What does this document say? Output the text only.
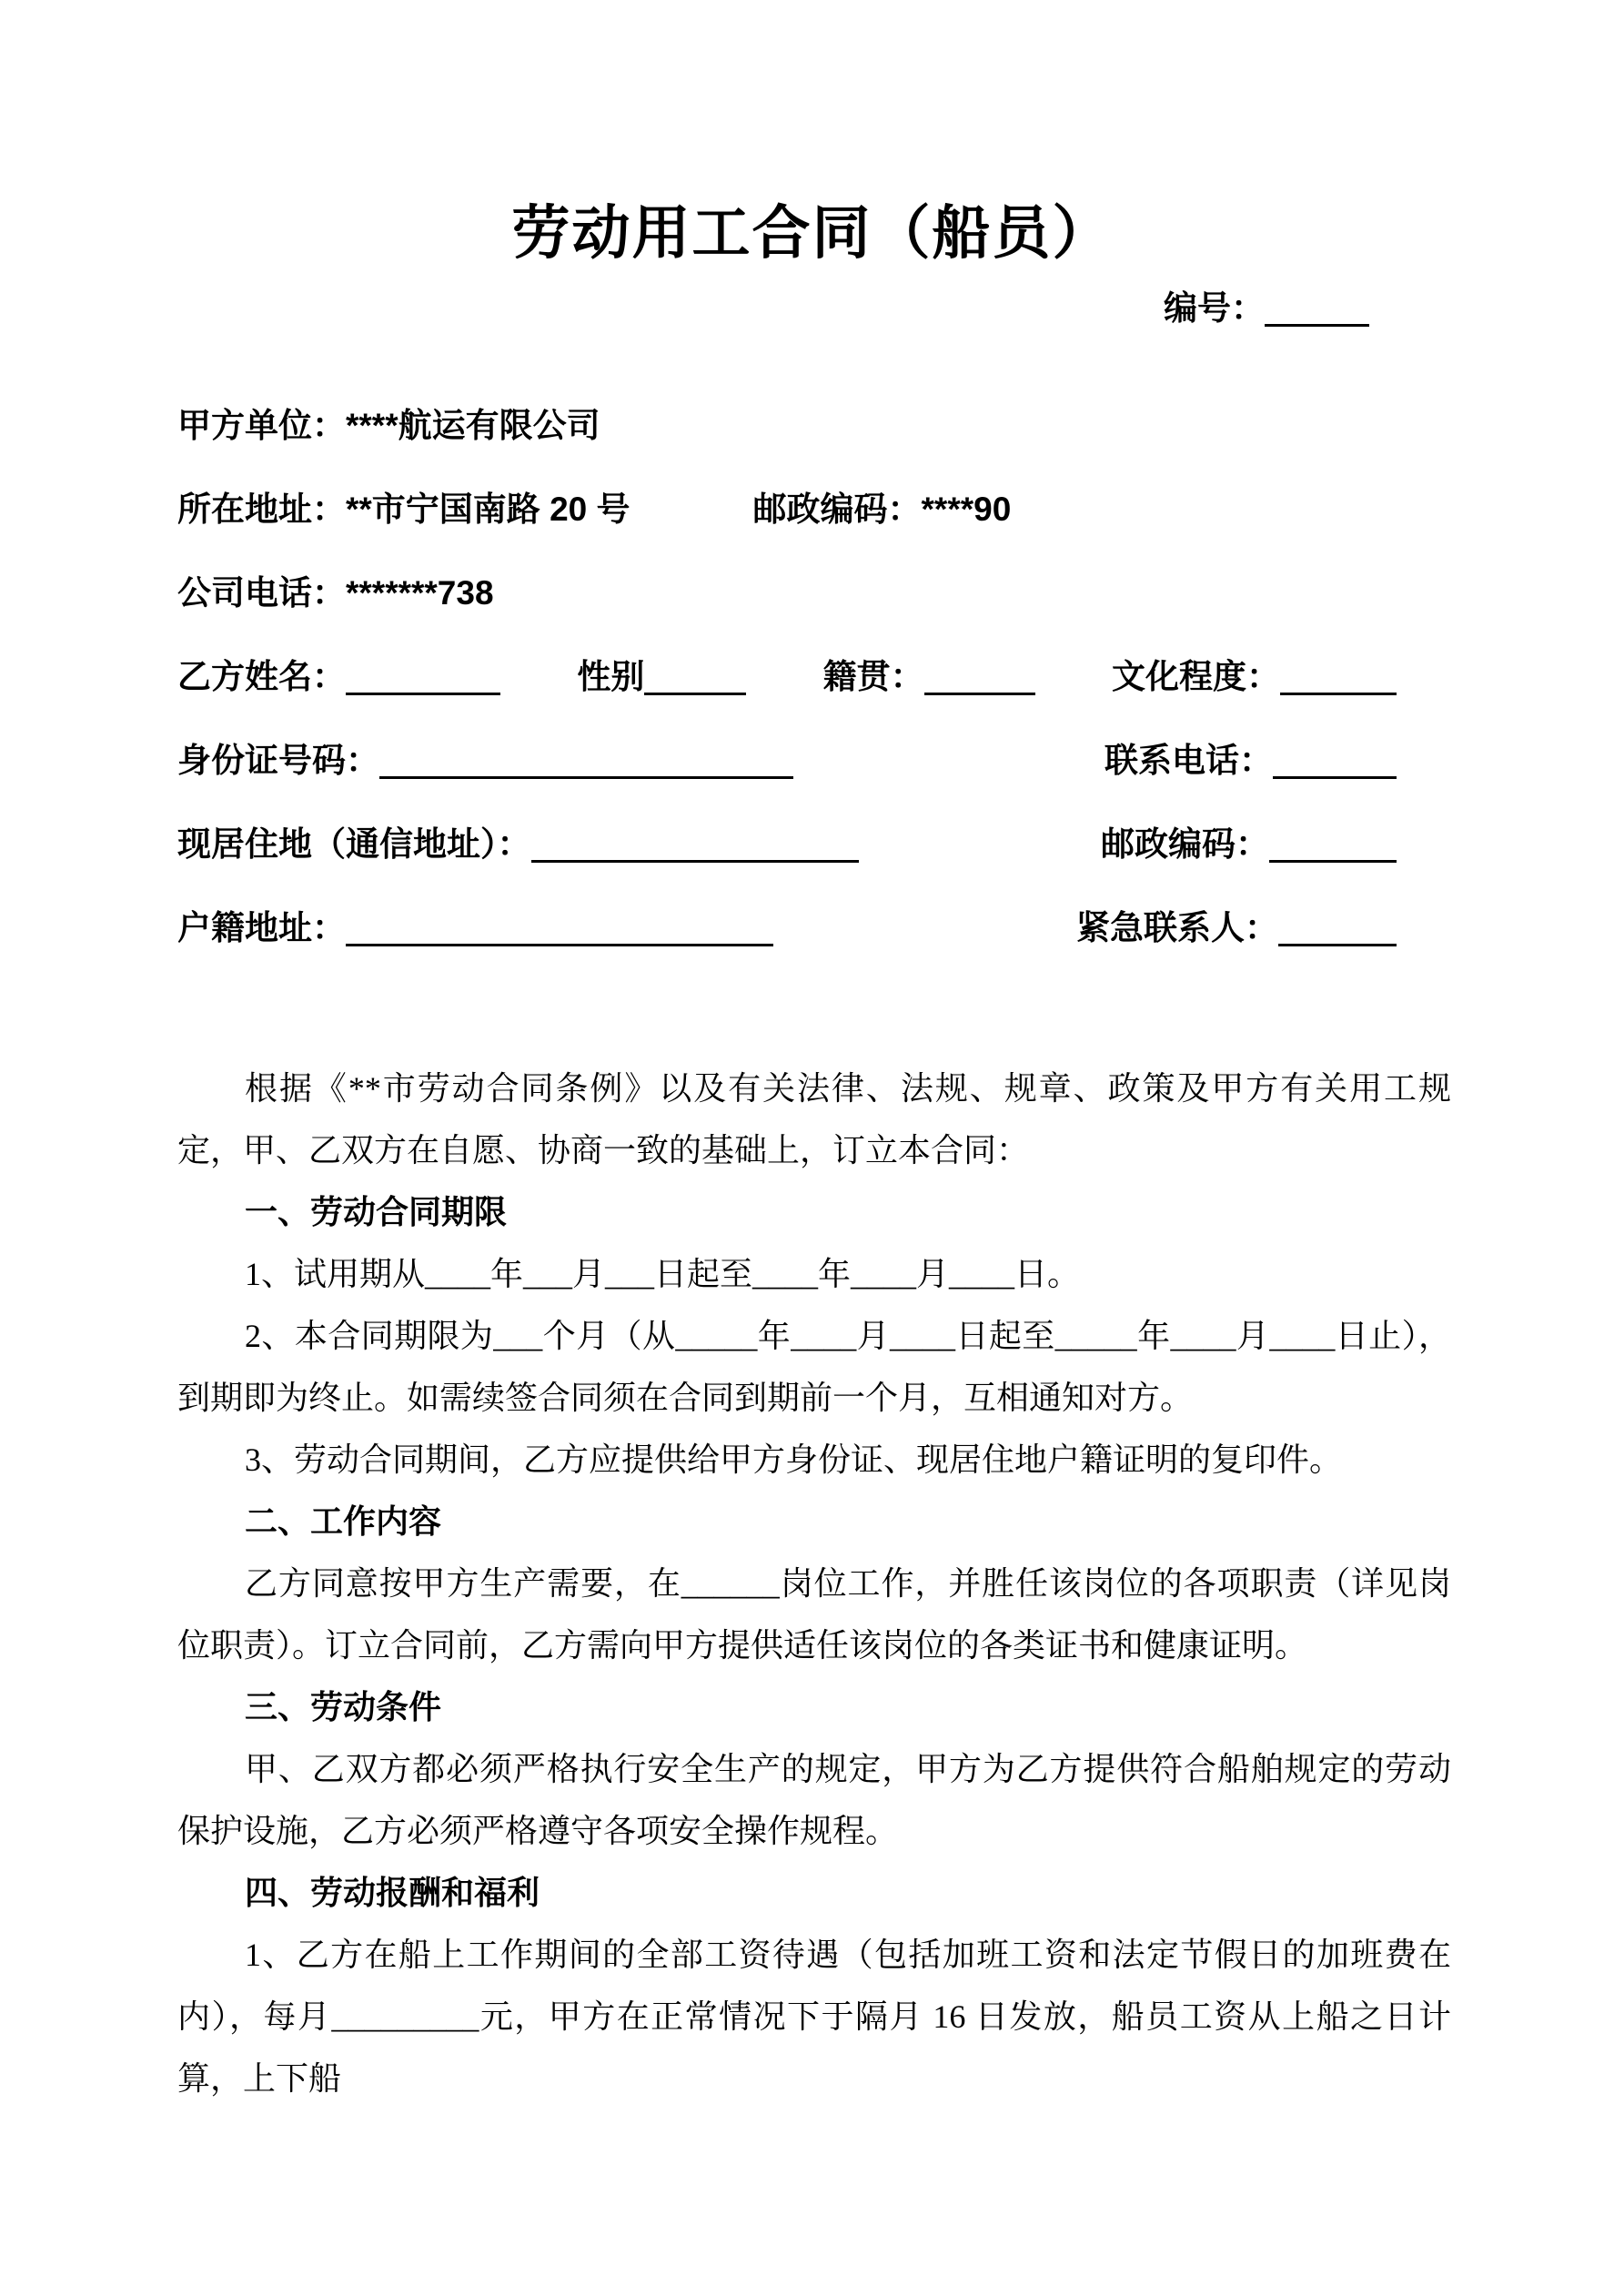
劳动用工合同（船员）
编号：
甲方单位：****航运有限公司
所在地址：**市宁国南路 20 号	邮政编码：****90
公司电话：*******738
乙方姓名：	性别	籍贯：	文化程度：
身份证号码：	联系电话：
现居住地（通信地址）：	邮政编码：
户籍地址：	紧急联系人：

根据《**市劳动合同条例》以及有关法律、法规、规章、政策及甲方有关用工规定，甲、乙双方在自愿、协商一致的基础上，订立本合同：

一、劳动合同期限

1、试用期从____年___月___日起至____年____月____日。

2、本合同期限为___个月（从_____年____月____日起至_____年____月____日止），到期即为终止。如需续签合同须在合同到期前一个月，互相通知对方。

3、劳动合同期间，乙方应提供给甲方身份证、现居住地户籍证明的复印件。

二、工作内容

乙方同意按甲方生产需要，在______岗位工作，并胜任该岗位的各项职责（详见岗位职责）。订立合同前，乙方需向甲方提供适任该岗位的各类证书和健康证明。

三、劳动条件

甲、乙双方都必须严格执行安全生产的规定，甲方为乙方提供符合船舶规定的劳动保护设施，乙方必须严格遵守各项安全操作规程。

四、劳动报酬和福利

1、乙方在船上工作期间的全部工资待遇（包括加班工资和法定节假日的加班费在内），每月_________元，甲方在正常情况下于隔月 16 日发放，船员工资从上船之日计算，上下船
